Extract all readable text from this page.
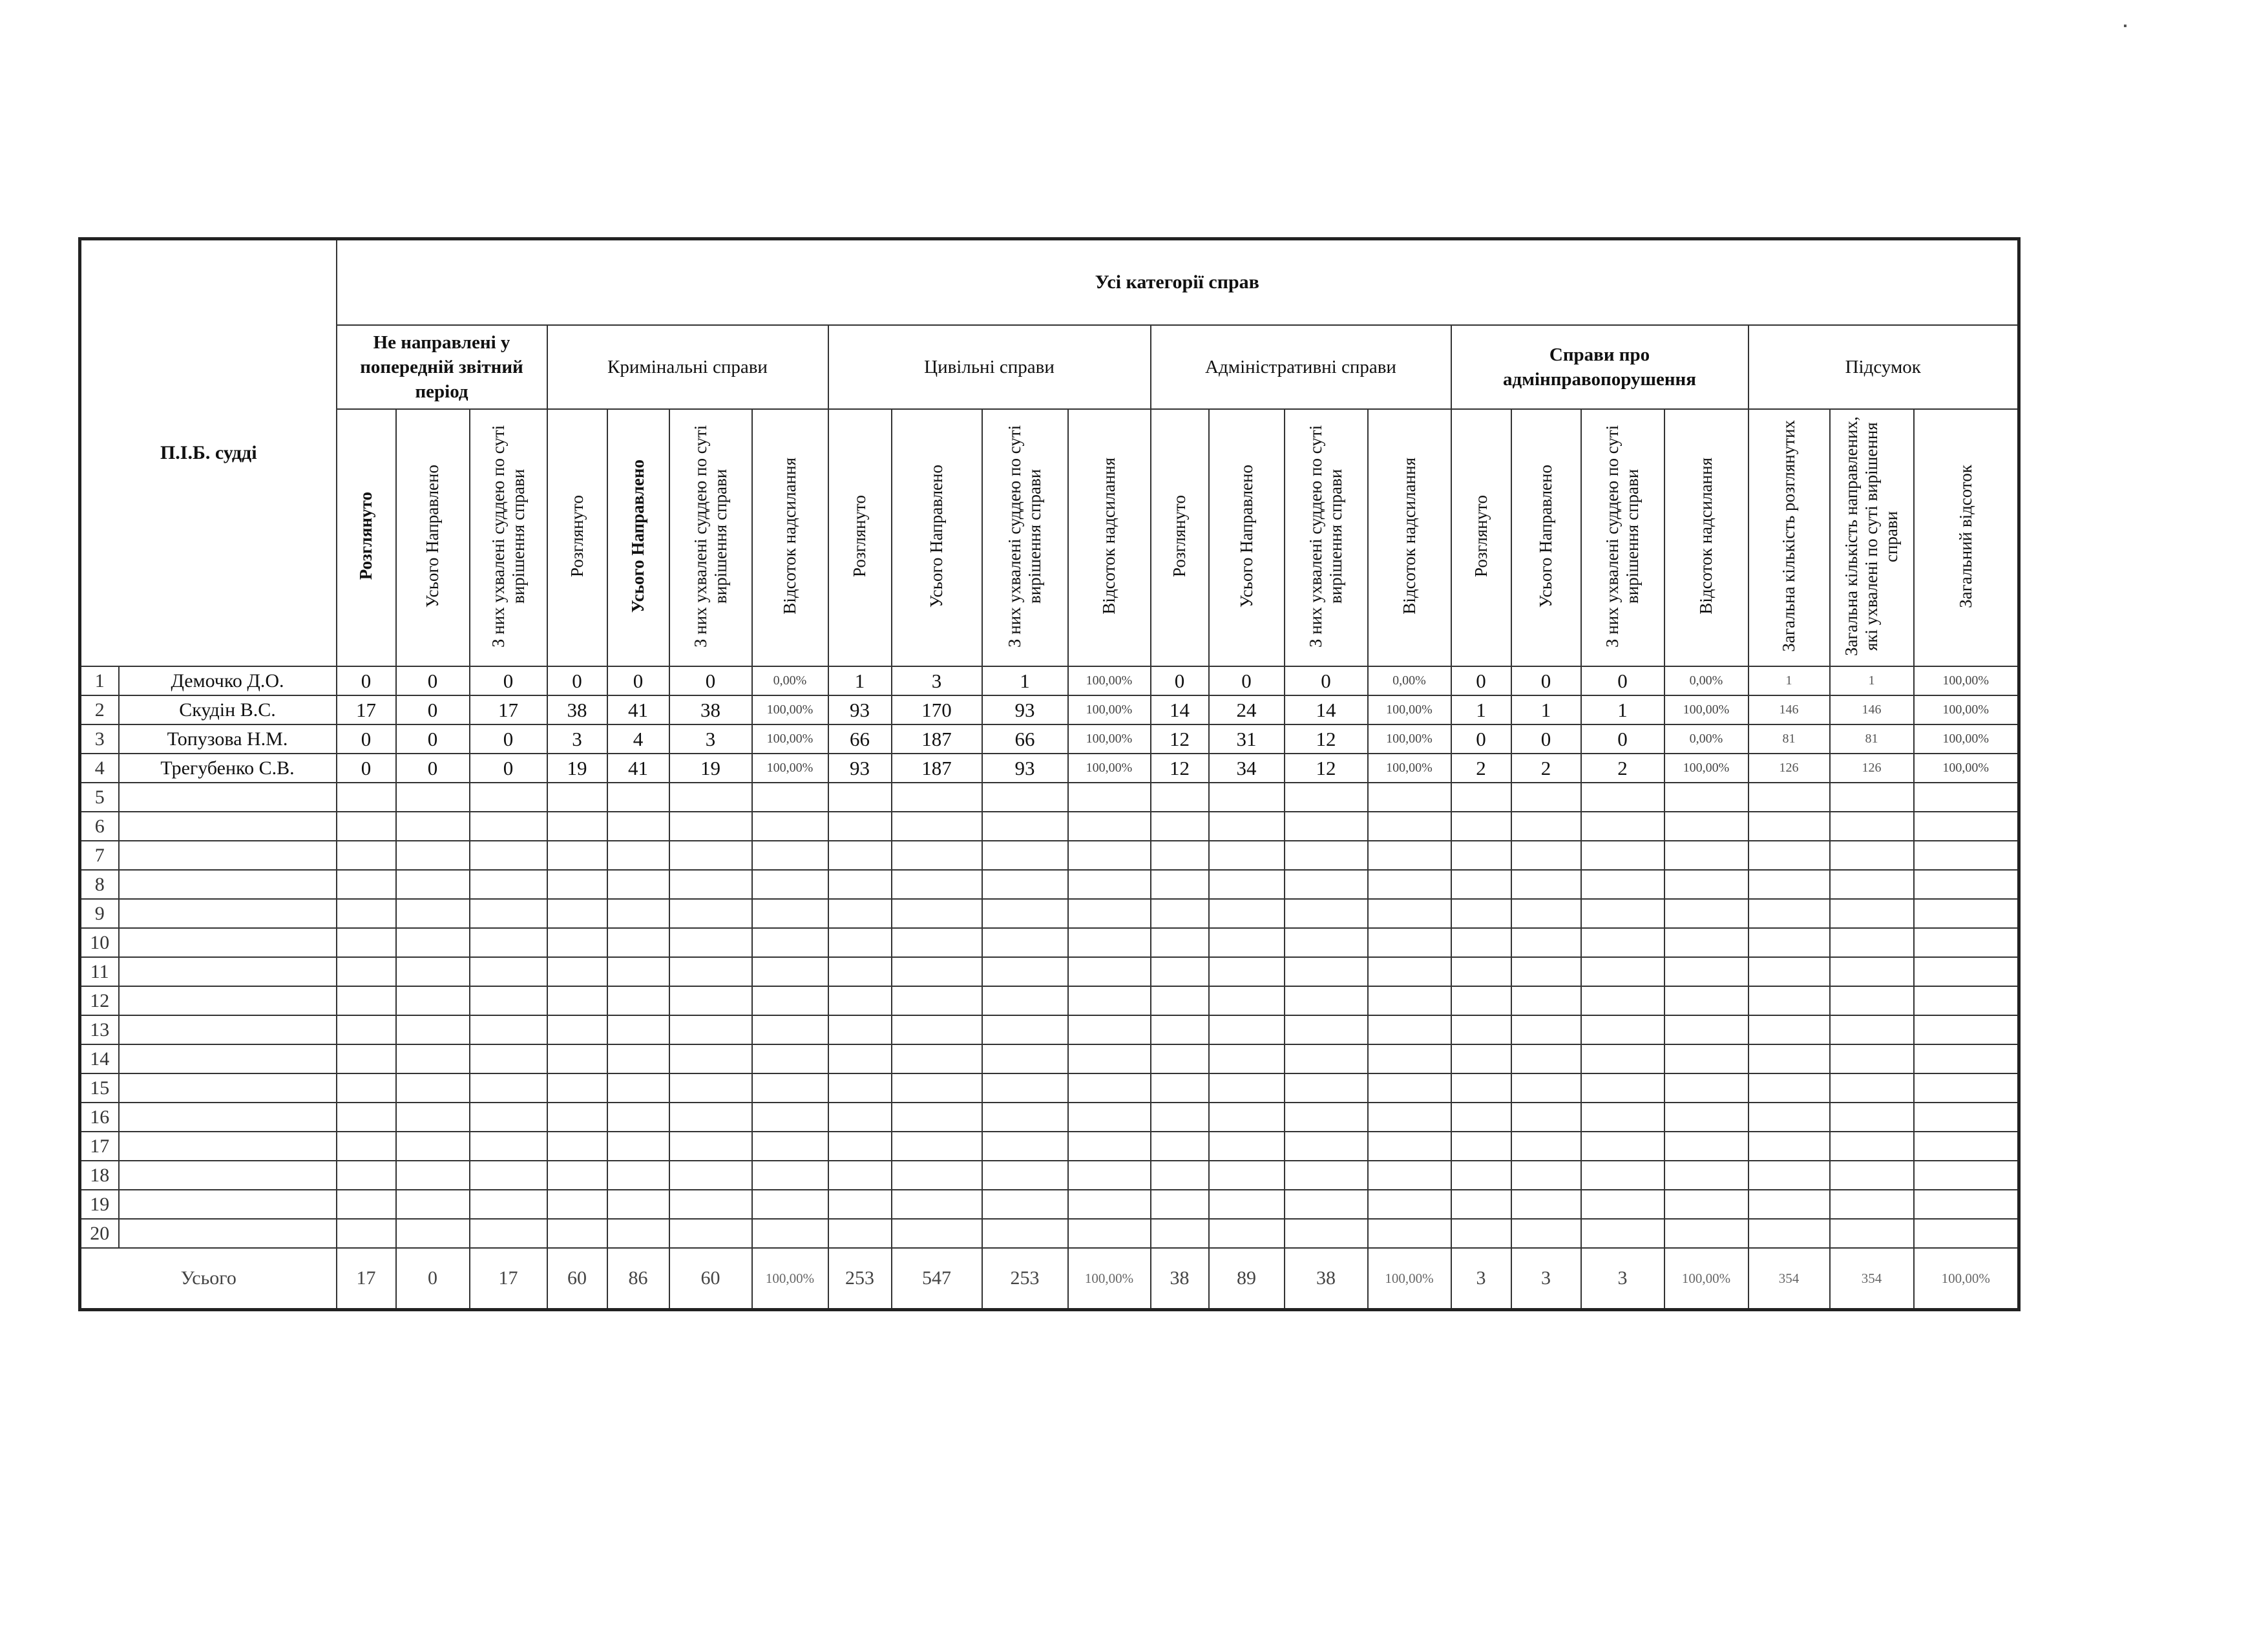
П.І.Б. судді		Усі категорії справ																					
		Не направлені у попередній звітний період			Кримінальні справи				Цивільні справи				Адміністративні справи				Справи про адмінправопорушення				Підсумок		
		Розглянуто	Усього Направлено	З них ухвалені суддею по суті вирішення справи	Розглянуто	Усього Направлено	З них ухвалені суддею по суті вирішення справи	Відсоток надсилання	Розглянуто	Усього Направлено	З них ухвалені суддею по суті вирішення справи	Відсоток надсилання	Розглянуто	Усього Направлено	З них ухвалені суддею по суті вирішення справи	Відсоток надсилання	Розглянуто	Усього Направлено	З них ухвалені суддею по суті вирішення справи	Відсоток надсилання	Загальна кількість розглянутих	Загальна кількість направлених, які ухвалені по суті вирішення справи	Загальний відсоток
1	Демочко Д.О.	0	0	0	0	0	0	0,00%	1	3	1	100,00%	0	0	0	0,00%	0	0	0	0,00%	1	1	100,00%
2	Скудін В.С.	17	0	17	38	41	38	100,00%	93	170	93	100,00%	14	24	14	100,00%	1	1	1	100,00%	146	146	100,00%
3	Топузова Н.М.	0	0	0	3	4	3	100,00%	66	187	66	100,00%	12	31	12	100,00%	0	0	0	0,00%	81	81	100,00%
4	Трегубенко С.В.	0	0	0	19	41	19	100,00%	93	187	93	100,00%	12	34	12	100,00%	2	2	2	100,00%	126	126	100,00%
5																							
6																							
7																							
8																							
9																							
10																							
11																							
12																							
13																							
14																							
15																							
16																							
17																							
18																							
19																							
20																							
Усього		17	0	17	60	86	60	100,00%	253	547	253	100,00%	38	89	38	100,00%	3	3	3	100,00%	354	354	100,00%
